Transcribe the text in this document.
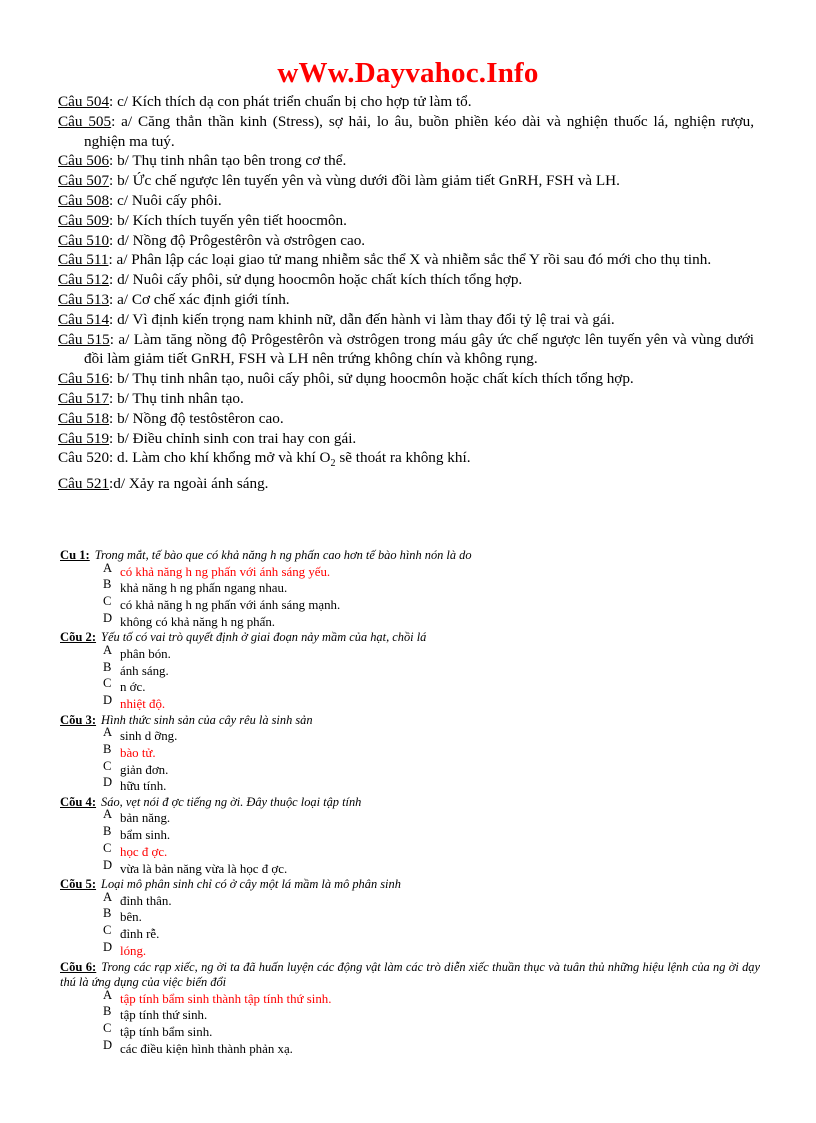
wWw.Dayvahoc.Info
Câu 504: c/ Kích thích dạ con phát triển chuẩn bị cho hợp tử làm tổ.
Câu 505: a/ Căng thẳn thần kinh (Stress), sợ hải, lo âu, buồn phiền kéo dài và nghiện thuốc lá, nghiện rượu, nghiện ma tuý.
Câu 506: b/ Thụ tinh nhân tạo bên trong cơ thể.
Câu 507: b/ Ức chế ngược lên tuyến yên và vùng dưới đồi làm giảm tiết GnRH, FSH và LH.
Câu 508: c/ Nuôi cấy phôi.
Câu 509: b/ Kích thích tuyến yên tiết hoocmôn.
Câu 510: d/ Nồng độ Prôgestêrôn và ơstrôgen cao.
Câu 511: a/ Phân lập các loại giao tử mang nhiễm sắc thể X và nhiễm sắc thể Y rồi sau đó mới cho thụ tinh.
Câu 512: d/ Nuôi cấy phôi, sử dụng hoocmôn hoặc chất kích thích tổng hợp.
Câu 513: a/ Cơ chế xác định giới tính.
Câu 514: d/ Vì định kiến trọng nam khinh nữ, dẫn đến hành vi làm thay đổi tỷ lệ trai và gái.
Câu 515: a/ Làm tăng nồng độ Prôgestêrôn và ơstrôgen trong máu gây ức chế ngược lên tuyến yên và vùng dưới đồi làm giảm tiết GnRH, FSH và LH nên trứng không chín và không rụng.
Câu 516: b/ Thụ tinh nhân tạo, nuôi cấy phôi, sử dụng hoocmôn hoặc chất kích thích tổng hợp.
Câu 517: b/ Thụ tinh nhân tạo.
Câu 518: b/ Nồng độ testôstêron cao.
Câu 519: b/ Điều chỉnh sinh con trai hay con gái.
Câu 520: d. Làm cho khí khổng mở và khí $O_2$ sẽ thoát ra không khí.
Câu 521:d/ Xảy ra ngoài ánh sáng.
Cu 1: Trong mắt, tế bào que có khả năng h ng phấn cao hơn tế bào hình nón là do
A có khả năng h ng phấn với ánh sáng yếu.
B khả năng h ng phấn ngang nhau.
C có khả năng h ng phấn với ánh sáng mạnh.
D không có khả năng h ng phấn.
Cõu 2: Yếu tố có vai trò quyết định ở giai đoạn nảy mầm của hạt, chồi lá
A phân bón.
B ánh sáng.
C n ớc.
D nhiệt độ.
Cõu 3: Hình thức sinh sản của cây rêu là sinh sản
A sinh d ỡng.
B bào tử.
C giản đơn.
D hữu tính.
Cõu 4: Sáo, vẹt nói đ ợc tiếng ng ời. Đây thuộc loại tập tính
A bản năng.
B bẩm sinh.
C học đ ợc.
D vừa là bản năng vừa là học đ ợc.
Cõu 5: Loại mô phân sinh chỉ có ở cây một lá mầm là mô phân sinh
A đỉnh thân.
B bên.
C đỉnh rễ.
D lóng.
Cõu 6: Trong các rạp xiếc, ng ời ta đã huấn luyện các động vật làm các trò diễn xiếc thuần thục và tuân thủ những hiệu lệnh của ng ời dạy thú là ứng dụng của việc biến đổi
A tập tính bẩm sinh thành tập tính thứ sinh.
B tập tính thứ sinh.
C tập tính bẩm sinh.
D các điều kiện hình thành phản xạ.
